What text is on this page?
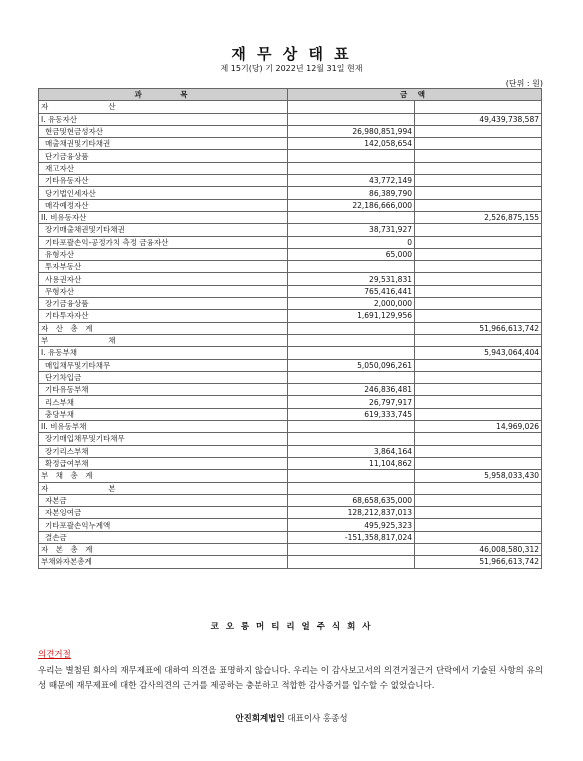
재 무 상 태 표
제 15기(당) 기 2022년 12월 31일 현재
(단위 : 원)
과　　　목	금 액	
자　　　　　　　　산		
I. 유동자산		49,439,738,587
현금및현금성자산	26,980,851,994	
매출채권및기타채권	142,058,654	
단기금융상품		
재고자산		
기타유동자산	43,772,149	
당기법인세자산	86,389,790	
매각예정자산	22,186,666,000	
II. 비유동자산		2,526,875,155
장기매출채권및기타채권	38,731,927	
기타포괄손익-공정가치 측정 금융자산	0	
유형자산	65,000	
투자부동산		
사용권자산	29,531,831	
무형자산	765,416,441	
장기금융상품	2,000,000	
기타투자자산	1,691,129,956	
자　산　총　계		51,966,613,742
부　　　　　　　　채		
I. 유동부채		5,943,064,404
매입채무및기타채무	5,050,096,261	
단기차입금		
기타유동부채	246,836,481	
리스부채	26,797,917	
충당부채	619,333,745	
II. 비유동부채		14,969,026
장기매입채무및기타채무		
장기리스부채	3,864,164	
확정급여부채	11,104,862	
부　채　총　계		5,958,033,430
자　　　　　　　　본		
자본금	68,658,635,000	
자본잉여금	128,212,837,013	
기타포괄손익누계액	495,925,323	
결손금	-151,358,817,024	
자　본　총　계		46,008,580,312
부채와자본총계		51,966,613,742
코 오 롱 머 티 리 얼 주 식 회 사
의견거절
우리는 별첨된 회사의 재무제표에 대하여 의견을 표명하지 않습니다. 우리는 이 감사보고서의 의견거절근거 단락에서 기술된 사항의 유의성 때문에 재무제표에 대한 감사의견의 근거를 제공하는 충분하고 적합한 감사증거를 입수할 수 없었습니다.
안진회계법인 대표이사 홍종성
